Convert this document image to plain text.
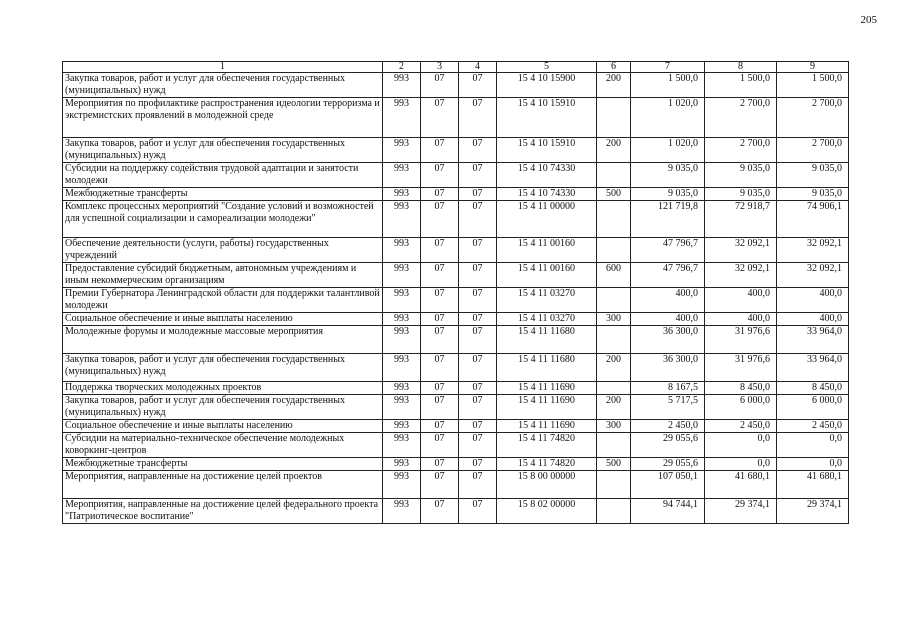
205
1	2	3	4	5	6	7	8	9
Закупка товаров, работ и услуг для обеспечения государственных (муниципальных) нужд	993	07	07	15 4 10 15900	200	1 500,0	1 500,0	1 500,0
Мероприятия по профилактике распространения идеологии терроризма и экстремистских проявлений в молодежной среде	993	07	07	15 4 10 15910		1 020,0	2 700,0	2 700,0
Закупка товаров, работ и услуг для обеспечения государственных (муниципальных) нужд	993	07	07	15 4 10 15910	200	1 020,0	2 700,0	2 700,0
Субсидии на поддержку содействия трудовой адаптации и занятости молодежи	993	07	07	15 4 10 74330		9 035,0	9 035,0	9 035,0
Межбюджетные трансферты	993	07	07	15 4 10 74330	500	9 035,0	9 035,0	9 035,0
Комплекс процессных мероприятий "Создание условий и возможностей для успешной социализации и самореализации молодежи"	993	07	07	15 4 11 00000		121 719,8	72 918,7	74 906,1
Обеспечение деятельности (услуги, работы) государственных учреждений	993	07	07	15 4 11 00160		47 796,7	32 092,1	32 092,1
Предоставление субсидий бюджетным, автономным учреждениям и иным некоммерческим организациям	993	07	07	15 4 11 00160	600	47 796,7	32 092,1	32 092,1
Премии Губернатора Ленинградской области для поддержки талантливой молодежи	993	07	07	15 4 11 03270		400,0	400,0	400,0
Социальное обеспечение и иные выплаты населению	993	07	07	15 4 11 03270	300	400,0	400,0	400,0
Молодежные форумы и молодежные массовые мероприятия	993	07	07	15 4 11 11680		36 300,0	31 976,6	33 964,0
Закупка товаров, работ и услуг для обеспечения государственных (муниципальных) нужд	993	07	07	15 4 11 11680	200	36 300,0	31 976,6	33 964,0
Поддержка творческих молодежных проектов	993	07	07	15 4 11 11690		8 167,5	8 450,0	8 450,0
Закупка товаров, работ и услуг для обеспечения государственных (муниципальных) нужд	993	07	07	15 4 11 11690	200	5 717,5	6 000,0	6 000,0
Социальное обеспечение и иные выплаты населению	993	07	07	15 4 11 11690	300	2 450,0	2 450,0	2 450,0
Субсидии на материально-техническое обеспечение молодежных коворкинг-центров	993	07	07	15 4 11 74820		29 055,6	0,0	0,0
Межбюджетные трансферты	993	07	07	15 4 11 74820	500	29 055,6	0,0	0,0
Мероприятия, направленные на достижение целей проектов	993	07	07	15 8 00 00000		107 050,1	41 680,1	41 680,1
Мероприятия, направленные на достижение целей федерального проекта "Патриотическое воспитание"	993	07	07	15 8 02 00000		94 744,1	29 374,1	29 374,1
